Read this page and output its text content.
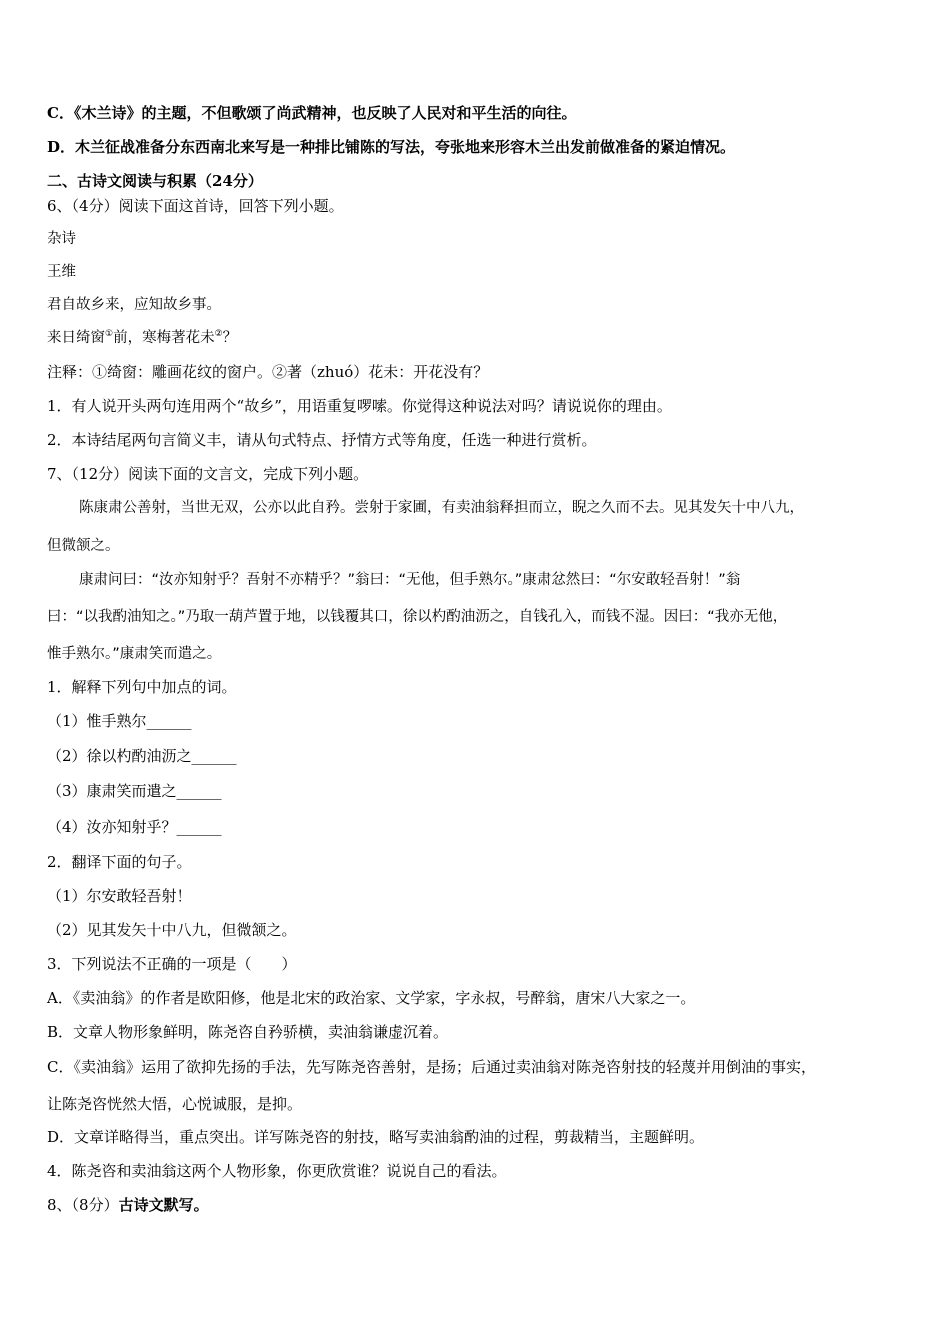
C．《木兰诗》的主题，不但歌颂了尚武精神，也反映了人民对和平生活的向往。
D．木兰征战准备分东西南北来写是一种排比铺陈的写法，夸张地来形容木兰出发前做准备的紧迫情况。
二、古诗文阅读与积累（24分）
6、（4分）阅读下面这首诗，回答下列小题。
杂诗
王维
君自故乡来，应知故乡事。
来日绮窗①前，寒梅著花未②？
注释：①绮窗：雕画花纹的窗户。②著（zhuó）花未：开花没有？
1．有人说开头两句连用两个“故乡”，用语重复啰嗦。你觉得这种说法对吗？请说说你的理由。
2．本诗结尾两句言简义丰，请从句式特点、抒情方式等角度，任选一种进行赏析。
7、（12分）阅读下面的文言文，完成下列小题。
陈康肃公善射，当世无双，公亦以此自矜。尝射于家圃，有卖油翁释担而立，睨之久而不去。见其发矢十中八九，
但微颔之。
康肃问曰：“汝亦知射乎？吾射不亦精乎？”翁曰：“无他，但手熟尔。”康肃忿然曰：“尔安敢轻吾射！”翁
曰：“以我酌油知之。”乃取一葫芦置于地，以钱覆其口，徐以杓酌油沥之，自钱孔入，而钱不湿。因曰：“我亦无他，
惟手熟尔。”康肃笑而遣之。
1．解释下列句中加点的词。
（1）惟手熟尔______
（2）徐以杓酌油沥之______
（3）康肃笑而遣之______
（4）汝亦知射乎？______
2．翻译下面的句子。
（1）尔安敢轻吾射！
（2）见其发矢十中八九，但微颔之。
3．下列说法不正确的一项是（　　）
A．《卖油翁》的作者是欧阳修，他是北宋的政治家、文学家，字永叔，号醉翁，唐宋八大家之一。
B．文章人物形象鲜明，陈尧咨自矜骄横，卖油翁谦虚沉着。
C．《卖油翁》运用了欲抑先扬的手法，先写陈尧咨善射，是扬；后通过卖油翁对陈尧咨射技的轻蔑并用倒油的事实，
让陈尧咨恍然大悟，心悦诚服，是抑。
D．文章详略得当，重点突出。详写陈尧咨的射技，略写卖油翁酌油的过程，剪裁精当，主题鲜明。
4．陈尧咨和卖油翁这两个人物形象，你更欣赏谁？说说自己的看法。
8、（8分）古诗文默写。
